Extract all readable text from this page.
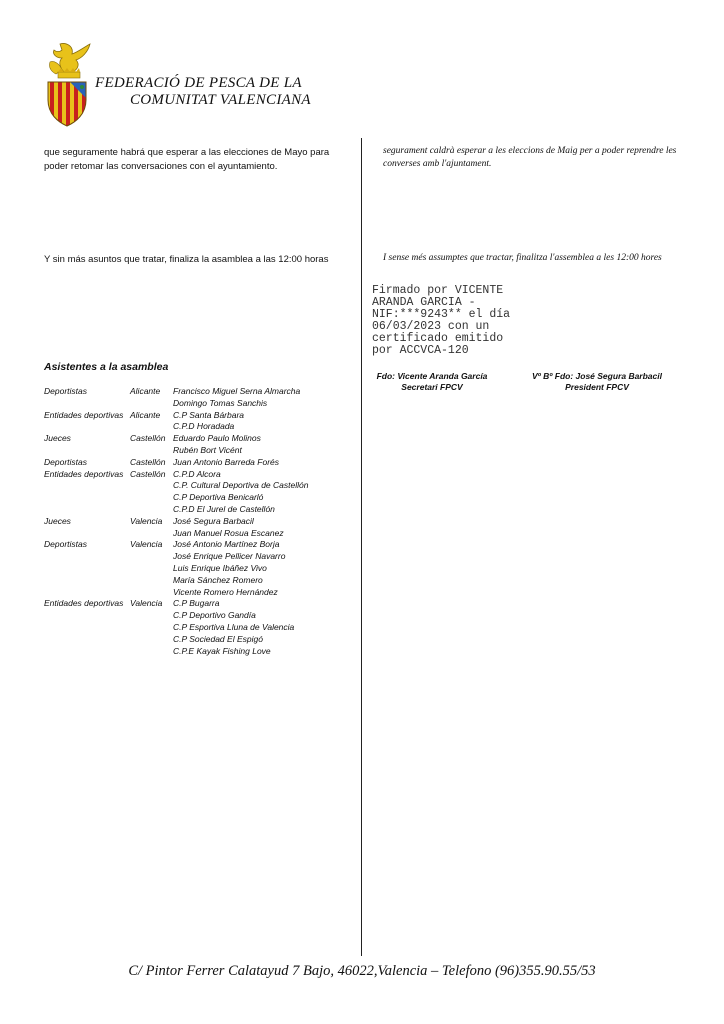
FEDERACIÓ DE PESCA DE LA
COMUNITAT VALENCIANA
que seguramente habrá que esperar a las elecciones de Mayo para poder retomar las conversaciones con el ayuntamiento.
Y sin más asuntos que tratar, finaliza la asamblea a las 12:00 horas
segurament caldrà esperar a les eleccions de Maig per a poder reprendre les converses amb l'ajuntament.
I sense més assumptes que tractar, finalitza l'assemblea a les 12:00 hores
Firmado por VICENTE
ARANDA GARCIA -
NIF:***9243** el día
06/03/2023 con un
certificado emitido
por ACCVCA-120
Fdo: Vicente Aranda García
Secretari FPCV
Vº Bº Fdo: José Segura Barbacil
President FPCV
Asistentes a la asamblea
Deportistas	Alicante	Francisco Miguel Serna Almarcha
Domingo Tomas Sanchis
Entidades deportivas Alicante	C.P Santa Bárbara
C.P.D Horadada
Jueces	Castellón Eduardo Paulo Molinos
Rubén Bort Vicént
Deportistas	Castellón Juan Antonio Barreda Forés
Entidades deportivas Castellón C.P.D Alcora
C.P. Cultural Deportiva de Castellón
C.P Deportiva Benicarló
C.P.D El Jurel de Castellón
Jueces	Valencia	José Segura Barbacil
Juan Manuel Rosua Escanez
Deportistas	Valencia	José Antonio Martínez Borja
José Enrique Pellicer Navarro
Luis Enrique Ibáñez Vivo
María Sánchez Romero
Vicente Romero Hernández
Entidades deportivas Valencia	C.P Bugarra
C.P Deportivo Gandía
C.P Esportiva Lluna de Valencia
C.P Sociedad El Espigó
C.P.E Kayak Fishing Love
C/ Pintor Ferrer Calatayud 7 Bajo, 46022,Valencia – Telefono (96)355.90.55/53
